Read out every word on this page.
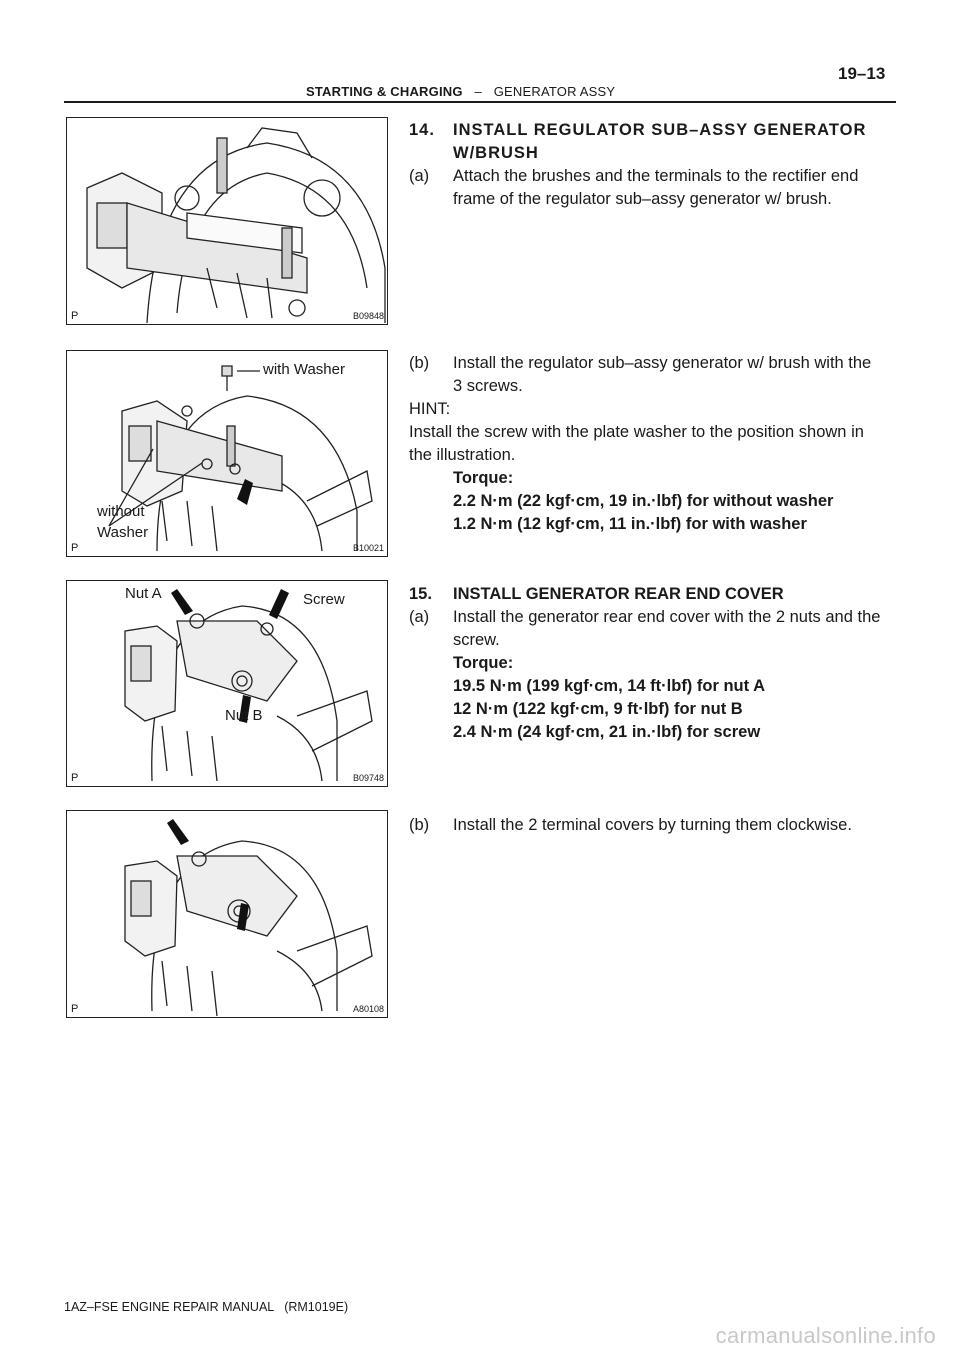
STARTING & CHARGING – GENERATOR ASSY
19–13
P	B09848
with Washer
without
Washer
P	B10021
Nut A	Screw
Nut B
P	B09748
P	A80108
14. INSTALL REGULATOR SUB–ASSY GENERATOR
W/BRUSH
(a) Attach the brushes and the terminals to the rectifier end
frame of the regulator sub–assy generator w/ brush.
(b) Install the regulator sub–assy generator w/ brush with the
3 screws.
HINT:
Install the screw with the plate washer to the position shown in
the illustration.
Torque:
2.2 N·m (22 kgf·cm, 19 in.·lbf) for without washer
1.2 N·m (12 kgf·cm, 11 in.·lbf) for with washer
15. INSTALL GENERATOR REAR END COVER
(a) Install the generator rear end cover with the 2 nuts and the
screw.
Torque:
19.5 N·m (199 kgf·cm, 14 ft·lbf) for nut A
12 N·m (122 kgf·cm, 9 ft·lbf) for nut B
2.4 N·m (24 kgf·cm, 21 in.·lbf) for screw
(b) Install the 2 terminal covers by turning them clockwise.
1AZ–FSE ENGINE REPAIR MANUAL   (RM1019E)
carmanualsonline.info
